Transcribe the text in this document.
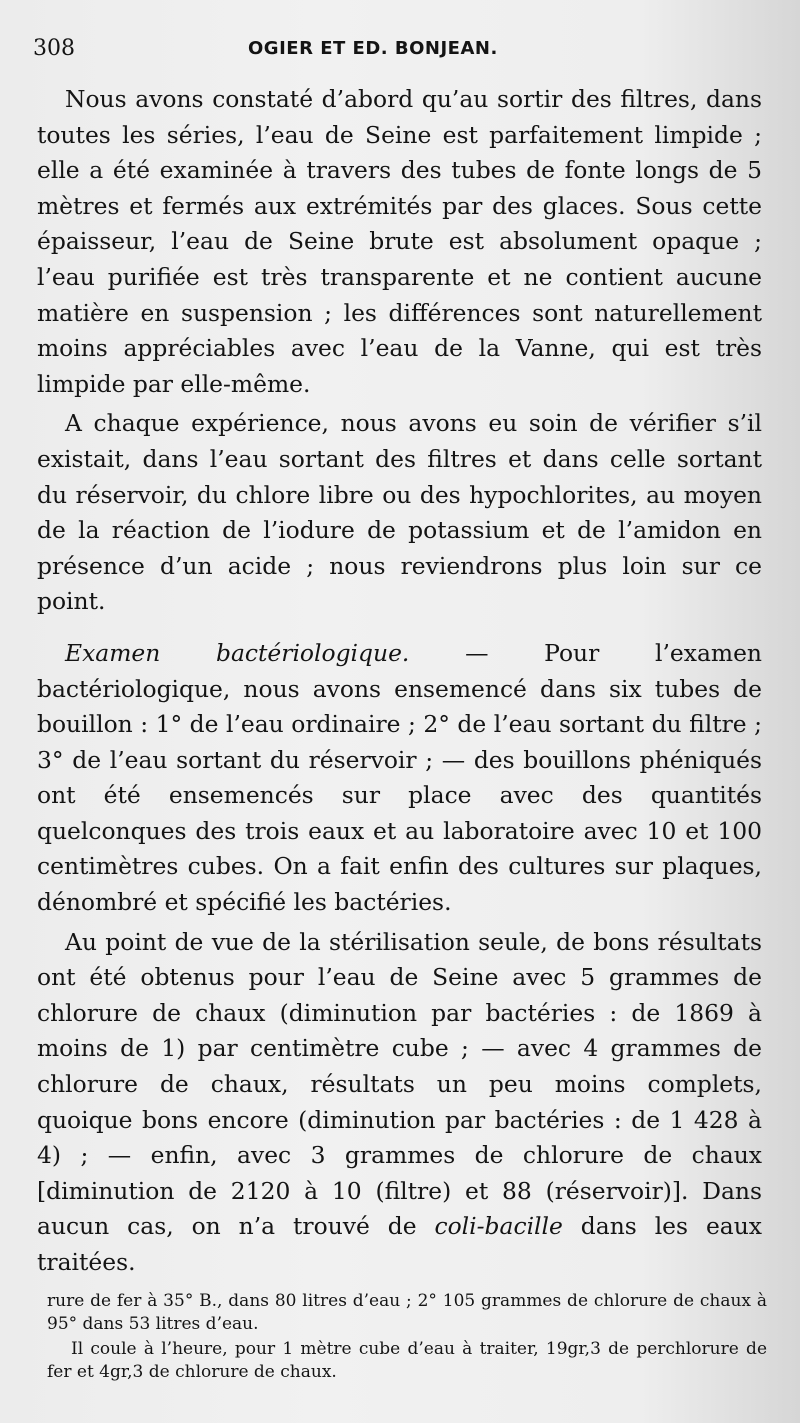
308	OGIER ET ED. BONJEAN.

Nous avons constaté d’abord qu’au sortir des filtres, dans toutes les séries, l’eau de Seine est parfaitement limpide ; elle a été examinée à travers des tubes de fonte longs de 5 mètres et fermés aux extrémités par des glaces. Sous cette épaisseur, l’eau de Seine brute est absolument opaque ; l’eau purifiée est très transparente et ne contient aucune matière en suspension ; les différences sont naturellement moins appréciables avec l’eau de la Vanne, qui est très limpide par elle-même.

A chaque expérience, nous avons eu soin de vérifier s’il existait, dans l’eau sortant des filtres et dans celle sortant du réservoir, du chlore libre ou des hypochlorites, au moyen de la réaction de l’iodure de potassium et de l’amidon en présence d’un acide ; nous reviendrons plus loin sur ce point.

Examen bactériologique. — Pour l’examen bactériologique, nous avons ensemencé dans six tubes de bouillon : 1° de l’eau ordinaire ; 2° de l’eau sortant du filtre ; 3° de l’eau sortant du réservoir ; — des bouillons phéniqués ont été ensemencés sur place avec des quantités quelconques des trois eaux et au laboratoire avec 10 et 100 centimètres cubes. On a fait enfin des cultures sur plaques, dénombré et spécifié les bactéries.

Au point de vue de la stérilisation seule, de bons résultats ont été obtenus pour l’eau de Seine avec 5 grammes de chlorure de chaux (diminution par bactéries : de 1869 à moins de 1) par centimètre cube ; — avec 4 grammes de chlorure de chaux, résultats un peu moins complets, quoique bons encore (diminution par bactéries : de 1 428 à 4) ; — enfin, avec 3 grammes de chlorure de chaux [diminution de 2120 à 10 (filtre) et 88 (réservoir)]. Dans aucun cas, on n’a trouvé de coli-bacille dans les eaux traitées.

rure de fer à 35° B., dans 80 litres d’eau ; 2° 105 grammes de chlorure de chaux à 95° dans 53 litres d’eau.

Il coule à l’heure, pour 1 mètre cube d’eau à traiter, 19gr,3 de perchlorure de fer et 4gr,3 de chlorure de chaux.
